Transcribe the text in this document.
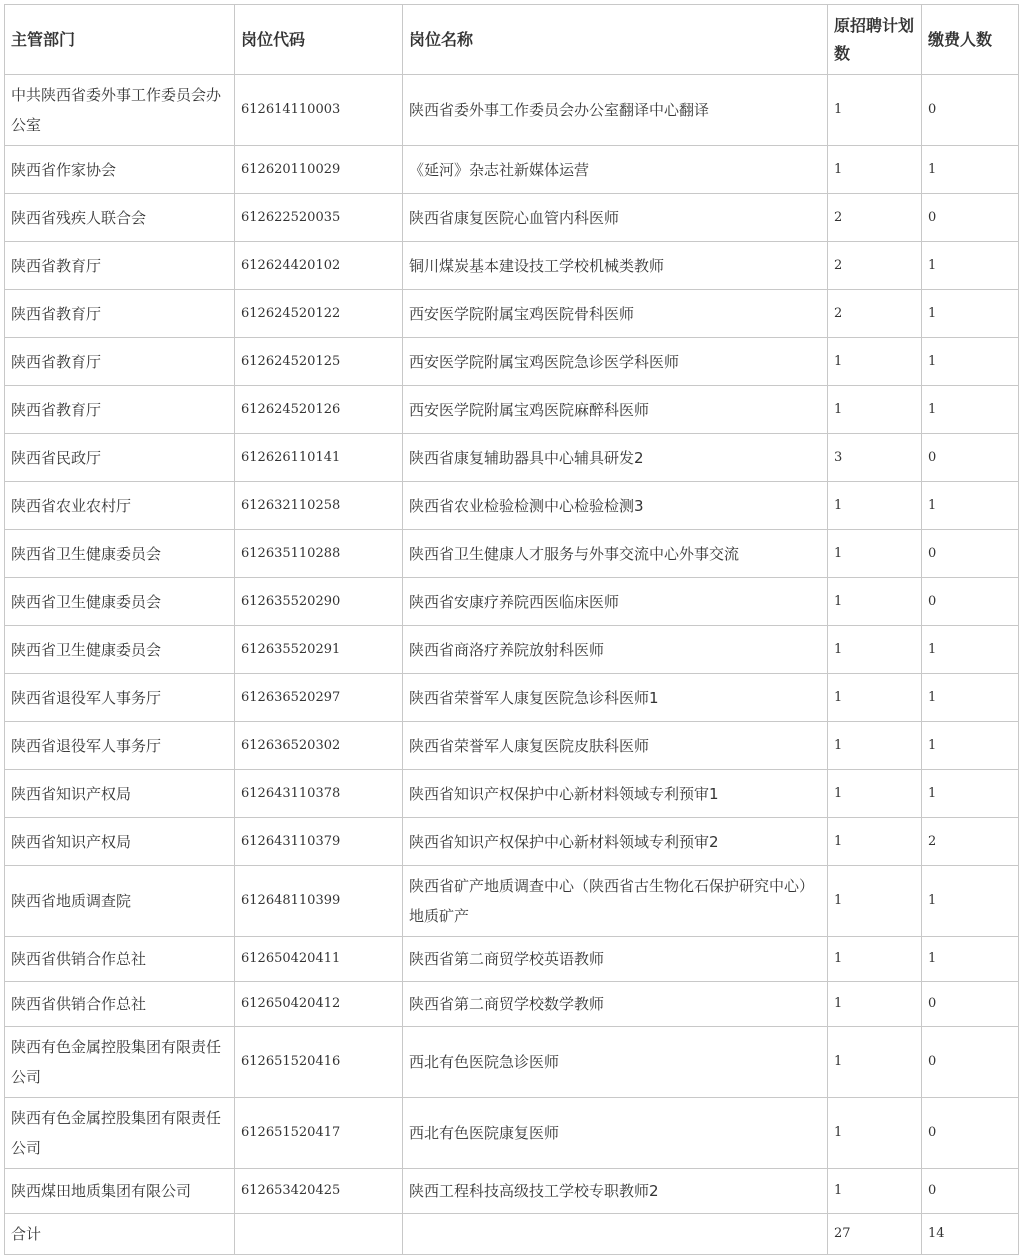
主管部门	岗位代码	岗位名称	原招聘计划数	缴费人数
中共陕西省委外事工作委员会办公室	612614110003	陕西省委外事工作委员会办公室翻译中心翻译	1	0
陕西省作家协会	612620110029	《延河》杂志社新媒体运营	1	1
陕西省残疾人联合会	612622520035	陕西省康复医院心血管内科医师	2	0
陕西省教育厅	612624420102	铜川煤炭基本建设技工学校机械类教师	2	1
陕西省教育厅	612624520122	西安医学院附属宝鸡医院骨科医师	2	1
陕西省教育厅	612624520125	西安医学院附属宝鸡医院急诊医学科医师	1	1
陕西省教育厅	612624520126	西安医学院附属宝鸡医院麻醉科医师	1	1
陕西省民政厅	612626110141	陕西省康复辅助器具中心辅具研发2	3	0
陕西省农业农村厅	612632110258	陕西省农业检验检测中心检验检测3	1	1
陕西省卫生健康委员会	612635110288	陕西省卫生健康人才服务与外事交流中心外事交流	1	0
陕西省卫生健康委员会	612635520290	陕西省安康疗养院西医临床医师	1	0
陕西省卫生健康委员会	612635520291	陕西省商洛疗养院放射科医师	1	1
陕西省退役军人事务厅	612636520297	陕西省荣誉军人康复医院急诊科医师1	1	1
陕西省退役军人事务厅	612636520302	陕西省荣誉军人康复医院皮肤科医师	1	1
陕西省知识产权局	612643110378	陕西省知识产权保护中心新材料领域专利预审1	1	1
陕西省知识产权局	612643110379	陕西省知识产权保护中心新材料领域专利预审2	1	2
陕西省地质调查院	612648110399	陕西省矿产地质调查中心（陕西省古生物化石保护研究中心）地质矿产	1	1
陕西省供销合作总社	612650420411	陕西省第二商贸学校英语教师	1	1
陕西省供销合作总社	612650420412	陕西省第二商贸学校数学教师	1	0
陕西有色金属控股集团有限责任公司	612651520416	西北有色医院急诊医师	1	0
陕西有色金属控股集团有限责任公司	612651520417	西北有色医院康复医师	1	0
陕西煤田地质集团有限公司	612653420425	陕西工程科技高级技工学校专职教师2	1	0
合计			27	14
